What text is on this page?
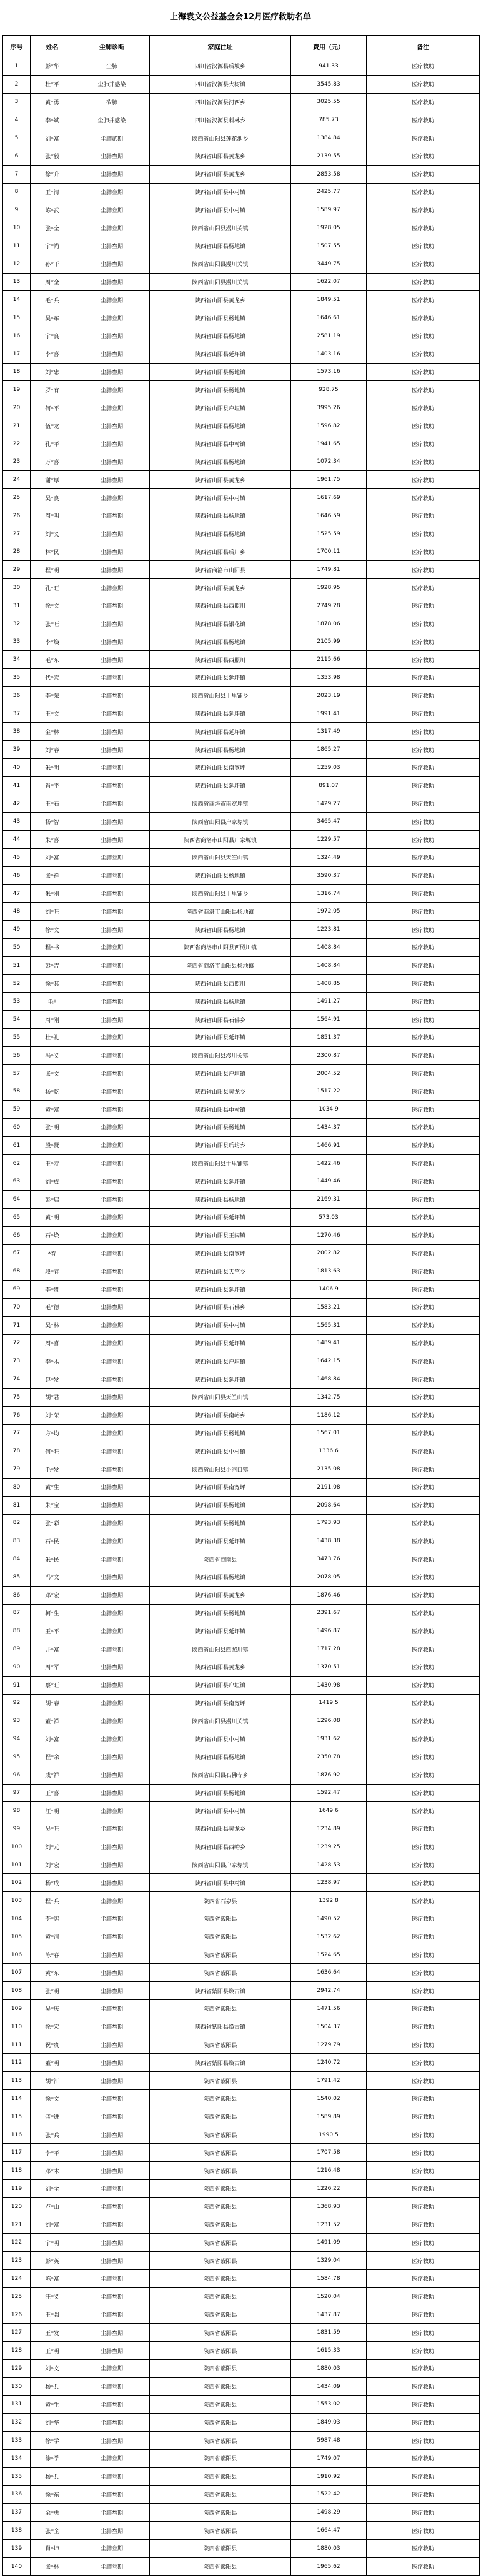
上海袁文公益基金会12月医疗救助名单
序号	姓名	尘肺诊断	家庭住址	费用（元）	备注
1	彭*华	尘肺	四川省汉源县后坡乡	941.33	医疗救助
2	杜*平	尘肺并感染	四川省汉源县大树镇	3545.83	医疗救助
3	黄*勇	矽肺	四川省汉源县河西乡	3025.55	医疗救助
4	李*斌	尘肺并感染	四川省汉源县料林乡	785.73	医疗救助
5	刘*富	尘肺贰期	陕西省山阳县莲花池乡	1384.84	医疗救助
6	张*毅	尘肺叁期	陕西省山阳县黄龙乡	2139.55	医疗救助
7	徐*升	尘肺叁期	陕西省山阳县黄龙乡	2853.58	医疗救助
8	王*清	尘肺叁期	陕西省山阳县中村镇	2425.77	医疗救助
9	陈*武	尘肺叁期	陕西省山阳县中村镇	1589.97	医疗救助
10	张*全	尘肺叁期	陕西省山阳县漫川关镇	1928.05	医疗救助
11	宁*尚	尘肺叁期	陕西省山阳县杨地镇	1507.55	医疗救助
12	孙*干	尘肺叁期	陕西省山阳县漫川关镇	3449.75	医疗救助
13	周*全	尘肺叁期	陕西省山阳县漫川关镇	1622.07	医疗救助
14	毛*兵	尘肺叁期	陕西省山阳县黄龙乡	1849.51	医疗救助
15	吴*东	尘肺叁期	陕西省山阳县杨地镇	1646.61	医疗救助
16	宁*良	尘肺叁期	陕西省山阳县杨地镇	2581.19	医疗救助
17	李*喜	尘肺叁期	陕西省山阳县延坪镇	1403.16	医疗救助
18	刘*忠	尘肺叁期	陕西省山阳县杨地镇	1573.16	医疗救助
19	罗*有	尘肺叁期	陕西省山阳县杨地镇	928.75	医疗救助
20	何*平	尘肺叁期	陕西省山阳县户垣镇	3995.26	医疗救助
21	伍*龙	尘肺叁期	陕西省山阳县杨地镇	1596.82	医疗救助
22	孔*平	尘肺叁期	陕西省山阳县中村镇	1941.65	医疗救助
23	万*喜	尘肺叁期	陕西省山阳县杨地镇	1072.34	医疗救助
24	谢*厚	尘肺叁期	陕西省山阳县黄龙乡	1961.75	医疗救助
25	吴*良	尘肺叁期	陕西省山阳县中村镇	1617.69	医疗救助
26	周*明	尘肺叁期	陕西省山阳县杨地镇	1646.59	医疗救助
27	刘*义	尘肺叁期	陕西省山阳县杨地镇	1525.59	医疗救助
28	林*民	尘肺叁期	陕西省山阳县后川乡	1700.11	医疗救助
29	程*明	尘肺叁期	陕西省商洛市山阳县	1749.81	医疗救助
30	孔*旺	尘肺叁期	陕西省山阳县黄龙乡	1928.95	医疗救助
31	徐*文	尘肺叁期	陕西省山阳县西照川	2749.28	医疗救助
32	张*旺	尘肺叁期	陕西省山阳县银花镇	1878.06	医疗救助
33	李*焕	尘肺叁期	陕西省山阳县杨地镇	2105.99	医疗救助
34	毛*东	尘肺叁期	陕西省山阳县西照川	2115.66	医疗救助
35	代*宏	尘肺叁期	陕西省山阳县延坪镇	1353.98	医疗救助
36	李*荣	尘肺叁期	陕西省山阳县十里铺乡	2023.19	医疗救助
37	王*文	尘肺叁期	陕西省山阳县延坪镇	1991.41	医疗救助
38	金*林	尘肺叁期	陕西省山阳县延坪镇	1317.49	医疗救助
39	刘*春	尘肺叁期	陕西省山阳县杨地镇	1865.27	医疗救助
40	朱*明	尘肺叁期	陕西省山阳县南宽坪	1259.03	医疗救助
41	肖*平	尘肺叁期	陕西省山阳县延坪镇	891.07	医疗救助
42	王*石	尘肺叁期	陕西省商洛市南宽坪镇	1429.27	医疗救助
43	杨*智	尘肺叁期	陕西省山阳县户家塬镇	3465.47	医疗救助
44	朱*喜	尘肺叁期	陕西省商洛市山阳县户家塬镇	1229.57	医疗救助
45	刘*富	尘肺叁期	陕西省山阳县天竺山镇	1324.49	医疗救助
46	张*祥	尘肺叁期	陕西省山阳县杨地镇	3590.37	医疗救助
47	朱*刚	尘肺叁期	陕西省山阳县十里铺乡	1316.74	医疗救助
48	刘*旺	尘肺叁期	陕西省商洛市山阳县杨地镇	1972.05	医疗救助
49	徐*文	尘肺叁期	陕西省山阳县杨地镇	1223.81	医疗救助
50	程*书	尘肺叁期	陕西省商洛市山阳县西照川镇	1408.84	医疗救助
51	彭*吉	尘肺叁期	陕西省商洛市山阳县杨地镇	1408.84	医疗救助
52	徐*其	尘肺叁期	陕西省山阳县西照川	1408.85	医疗救助
53	毛*	尘肺叁期	陕西省山阳县杨地镇	1491.27	医疗救助
54	周*刚	尘肺叁期	陕西省山阳县石佛乡	1564.91	医疗救助
55	杜*礼	尘肺叁期	陕西省山阳县延坪镇	1851.37	医疗救助
56	冯*义	尘肺叁期	陕西省山阳县漫川关镇	2300.87	医疗救助
57	张*文	尘肺叁期	陕西省山阳县户垣镇	2004.52	医疗救助
58	杨*乾	尘肺叁期	陕西省山阳县黄龙乡	1517.22	医疗救助
59	黄*富	尘肺叁期	陕西省山阳县中村镇	1034.9	医疗救助
60	张*明	尘肺叁期	陕西省山阳县杨地镇	1434.37	医疗救助
61	殷*贤	尘肺叁期	陕西省山阳县后坊乡	1466.91	医疗救助
62	王*寿	尘肺叁期	陕西省山阳县十里铺镇	1422.46	医疗救助
63	刘*成	尘肺叁期	陕西省山阳县延坪镇	1449.46	医疗救助
64	彭*启	尘肺叁期	陕西省山阳县杨地镇	2169.31	医疗救助
65	黄*明	尘肺叁期	陕西省山阳县延坪镇	573.03	医疗救助
66	石*焕	尘肺叁期	陕西省山阳县王闫镇	1270.46	医疗救助
67	*春	尘肺叁期	陕西省山阳县南宽坪	2002.82	医疗救助
68	段*春	尘肺叁期	陕西省山阳县天竺乡	1813.63	医疗救助
69	李*贵	尘肺叁期	陕西省山阳县延坪镇	1406.9	医疗救助
70	毛*德	尘肺叁期	陕西省山阳县石佛乡	1583.21	医疗救助
71	吴*林	尘肺叁期	陕西省山阳县中村镇	1565.31	医疗救助
72	周*喜	尘肺叁期	陕西省山阳县延坪镇	1489.41	医疗救助
73	李*木	尘肺叁期	陕西省山阳县户垣镇	1642.15	医疗救助
74	赵*发	尘肺叁期	陕西省山阳县延坪镇	1468.84	医疗救助
75	胡*君	尘肺叁期	陕西省山阳县天竺山镇	1342.75	医疗救助
76	刘*荣	尘肺叁期	陕西省山阳县南峪乡	1186.12	医疗救助
77	方*均	尘肺叁期	陕西省山阳县杨地镇	1567.01	医疗救助
78	何*旺	尘肺叁期	陕西省山阳县中村镇	1336.6	医疗救助
79	毛*发	尘肺叁期	陕西省山阳县小河口镇	2135.08	医疗救助
80	黄*生	尘肺叁期	陕西省山阳县南宽坪	2191.08	医疗救助
81	朱*宝	尘肺叁期	陕西省山阳县杨地镇	2098.64	医疗救助
82	张*彩	尘肺叁期	陕西省山阳县杨地镇	1793.93	医疗救助
83	石*民	尘肺叁期	陕西省山阳县延坪镇	1438.38	医疗救助
84	朱*民	尘肺叁期	陕西省商南县	3473.76	医疗救助
85	冯*文	尘肺叁期	陕西省山阳县杨地镇	2078.05	医疗救助
86	邓*宏	尘肺叁期	陕西省山阳县黄龙乡	1876.46	医疗救助
87	柯*生	尘肺叁期	陕西省山阳县杨地镇	2391.67	医疗救助
88	王*平	尘肺叁期	陕西省山阳县延坪镇	1496.87	医疗救助
89	井*富	尘肺叁期	陕西省山阳县西照川镇	1717.28	医疗救助
90	周*军	尘肺叁期	陕西省山阳县黄龙乡	1370.51	医疗救助
91	蔡*旺	尘肺叁期	陕西省山阳县户垣镇	1430.98	医疗救助
92	胡*春	尘肺叁期	陕西省山阳县南宽坪	1419.5	医疗救助
93	董*祥	尘肺叁期	陕西省山阳县漫川关镇	1296.08	医疗救助
94	刘*富	尘肺叁期	陕西省山阳县中村镇	1931.62	医疗救助
95	程*余	尘肺叁期	陕西省山阳县杨地镇	2350.78	医疗救助
96	成*祥	尘肺叁期	陕西省山阳县石佛寺乡	1876.92	医疗救助
97	王*喜	尘肺叁期	陕西省山阳县杨地镇	1592.47	医疗救助
98	汪*明	尘肺叁期	陕西省山阳县中村镇	1649.6	医疗救助
99	吴*旺	尘肺叁期	陕西省山阳县黄龙乡	1234.89	医疗救助
100	刘*元	尘肺叁期	陕西省山阳县西峪乡	1239.25	医疗救助
101	刘*宏	尘肺叁期	陕西省山阳县户家塬镇	1428.53	医疗救助
102	杨*成	尘肺叁期	陕西省山阳县中村镇	1238.97	医疗救助
103	程*兵	尘肺叁期	陕西省石泉县	1392.8	医疗救助
104	李*宪	尘肺叁期	陕西省紫阳县	1490.52	医疗救助
105	黄*清	尘肺叁期	陕西省紫阳县	1532.62	医疗救助
106	陈*春	尘肺叁期	陕西省紫阳县	1524.65	医疗救助
107	黄*东	尘肺叁期	陕西省紫阳县	1636.64	医疗救助
108	张*明	尘肺叁期	陕西省紫阳县焕古镇	2942.74	医疗救助
109	吴*庆	尘肺叁期	陕西省紫阳县	1471.56	医疗救助
110	徐*宏	尘肺叁期	陕西省紫阳县焕古镇	1504.37	医疗救助
111	祝*贵	尘肺叁期	陕西省紫阳县	1279.79	医疗救助
112	董*明	尘肺叁期	陕西省紫阳县焕古镇	1240.72	医疗救助
113	胡*江	尘肺叁期	陕西省紫阳县	1791.42	医疗救助
114	徐*文	尘肺叁期	陕西省紫阳县	1540.02	医疗救助
115	龚*进	尘肺叁期	陕西省紫阳县	1589.89	医疗救助
116	张*兵	尘肺叁期	陕西省紫阳县	1990.5	医疗救助
117	李*平	尘肺叁期	陕西省紫阳县	1707.58	医疗救助
118	邓*木	尘肺叁期	陕西省紫阳县	1216.48	医疗救助
119	刘*全	尘肺叁期	陕西省紫阳县	1226.22	医疗救助
120	卢*山	尘肺叁期	陕西省紫阳县	1368.93	医疗救助
121	刘*富	尘肺叁期	陕西省紫阳县	1231.52	医疗救助
122	宁*明	尘肺叁期	陕西省紫阳县	1491.09	医疗救助
123	彭*英	尘肺叁期	陕西省紫阳县	1329.04	医疗救助
124	陈*富	尘肺叁期	陕西省紫阳县	1584.78	医疗救助
125	汪*义	尘肺叁期	陕西省紫阳县	1520.04	医疗救助
126	王*强	尘肺叁期	陕西省紫阳县	1437.87	医疗救助
127	王*发	尘肺叁期	陕西省紫阳县	1831.59	医疗救助
128	王*明	尘肺叁期	陕西省紫阳县	1615.33	医疗救助
129	刘*文	尘肺叁期	陕西省紫阳县	1880.03	医疗救助
130	杨*兵	尘肺叁期	陕西省紫阳县	1434.09	医疗救助
131	黄*生	尘肺叁期	陕西省紫阳县	1553.02	医疗救助
132	刘*华	尘肺叁期	陕西省紫阳县	1849.03	医疗救助
133	徐*学	尘肺叁期	陕西省紫阳县	5987.48	医疗救助
134	徐*学	尘肺叁期	陕西省紫阳县	1749.07	医疗救助
135	杨*兵	尘肺叁期	陕西省紫阳县	1910.92	医疗救助
136	徐*东	尘肺叁期	陕西省紫阳县	1522.42	医疗救助
137	余*勇	尘肺叁期	陕西省紫阳县	1498.29	医疗救助
138	张*全	尘肺叁期	陕西省紫阳县	1664.47	医疗救助
139	肖*坤	尘肺叁期	陕西省紫阳县	1880.03	医疗救助
140	张*林	尘肺叁期	陕西省紫阳县	1965.62	医疗救助
